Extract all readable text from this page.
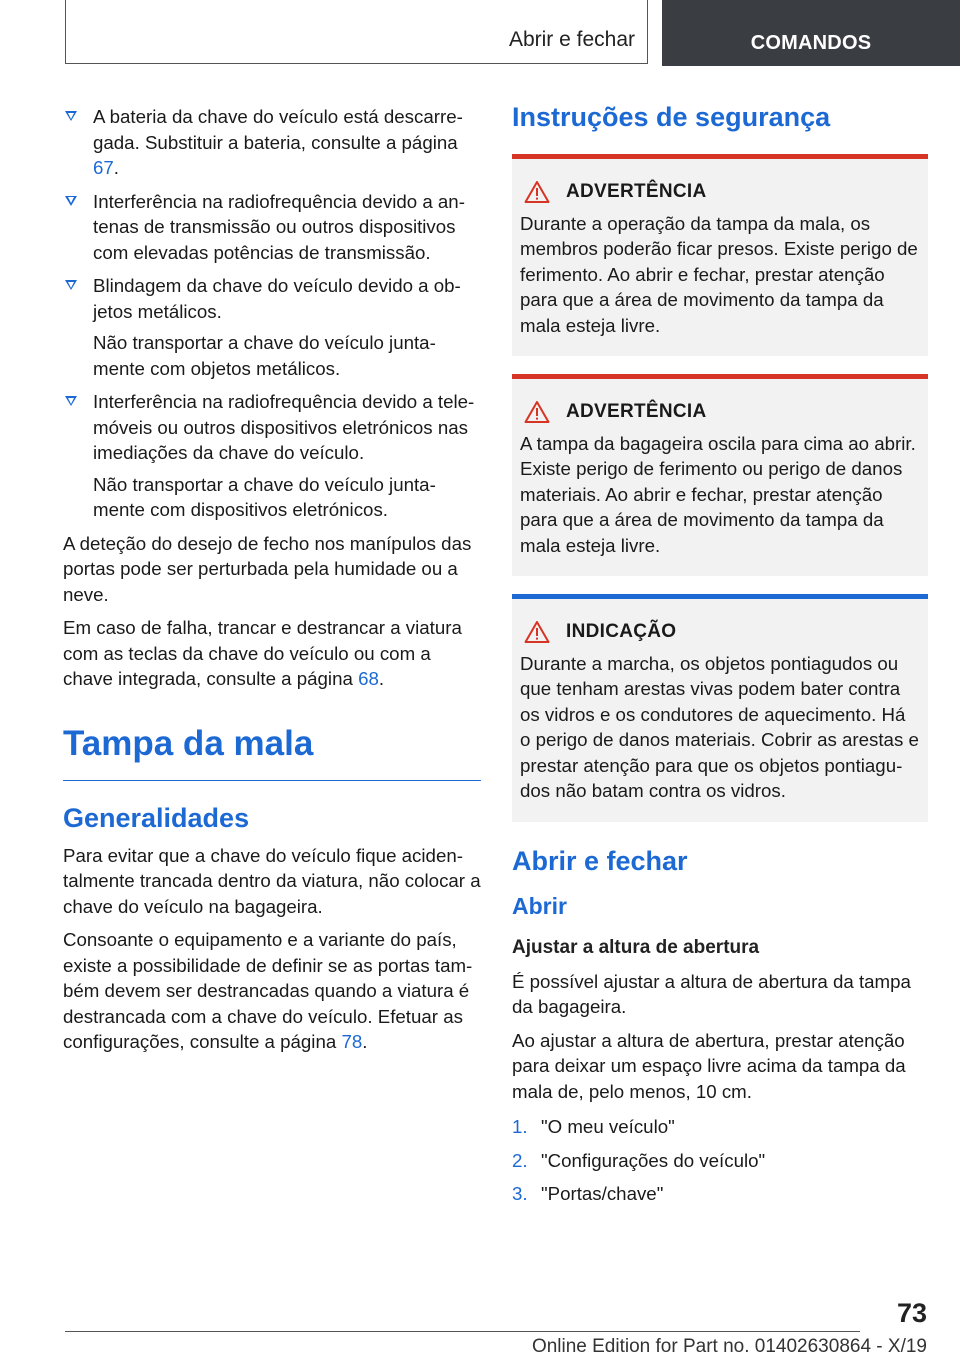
Abrir e fechar	COMANDOS
A bateria da chave do veículo está descarregada. Substituir a bateria, consulte a página 67.
Interferência na radiofrequência devido a antenas de transmissão ou outros dispositivos com elevadas potências de transmissão.
Blindagem da chave do veículo devido a objetos metálicos.
Não transportar a chave do veículo juntamente com objetos metálicos.
Interferência na radiofrequência devido a telemóveis ou outros dispositivos eletrónicos nas imediações da chave do veículo.
Não transportar a chave do veículo juntamente com dispositivos eletrónicos.

A deteção do desejo de fecho nos manípulos das portas pode ser perturbada pela humidade ou a neve.

Em caso de falha, trancar e destrancar a viatura com as teclas da chave do veículo ou com a chave integrada, consulte a página 68.

Tampa da mala
Generalidades

Para evitar que a chave do veículo fique acidentalmente trancada dentro da viatura, não colocar a chave do veículo na bagageira.

Consoante o equipamento e a variante do país, existe a possibilidade de definir se as portas também devem ser destrancadas quando a viatura é destrancada com a chave do veículo. Efetuar as configurações, consulte a página 78.

Instruções de segurança
ADVERTÊNCIA

Durante a operação da tampa da mala, os membros poderão ficar presos. Existe perigo de ferimento. Ao abrir e fechar, prestar atenção para que a área de movimento da tampa da mala esteja livre.

ADVERTÊNCIA

A tampa da bagageira oscila para cima ao abrir. Existe perigo de ferimento ou perigo de danos materiais. Ao abrir e fechar, prestar atenção para que a área de movimento da tampa da mala esteja livre.

INDICAÇÃO

Durante a marcha, os objetos pontiagudos ou que tenham arestas vivas podem bater contra os vidros e os condutores de aquecimento. Há o perigo de danos materiais. Cobrir as arestas e prestar atenção para que os objetos pontiagudos não batam contra os vidros.

Abrir e fechar
Abrir
Ajustar a altura de abertura

É possível ajustar a altura de abertura da tampa da bagageira.

Ao ajustar a altura de abertura, prestar atenção para deixar um espaço livre acima da tampa da mala de, pelo menos, 10 cm.

1. "O meu veículo"
2. "Configurações do veículo"
3. "Portas/chave"
73
Online Edition for Part no. 01402630864 - X/19
